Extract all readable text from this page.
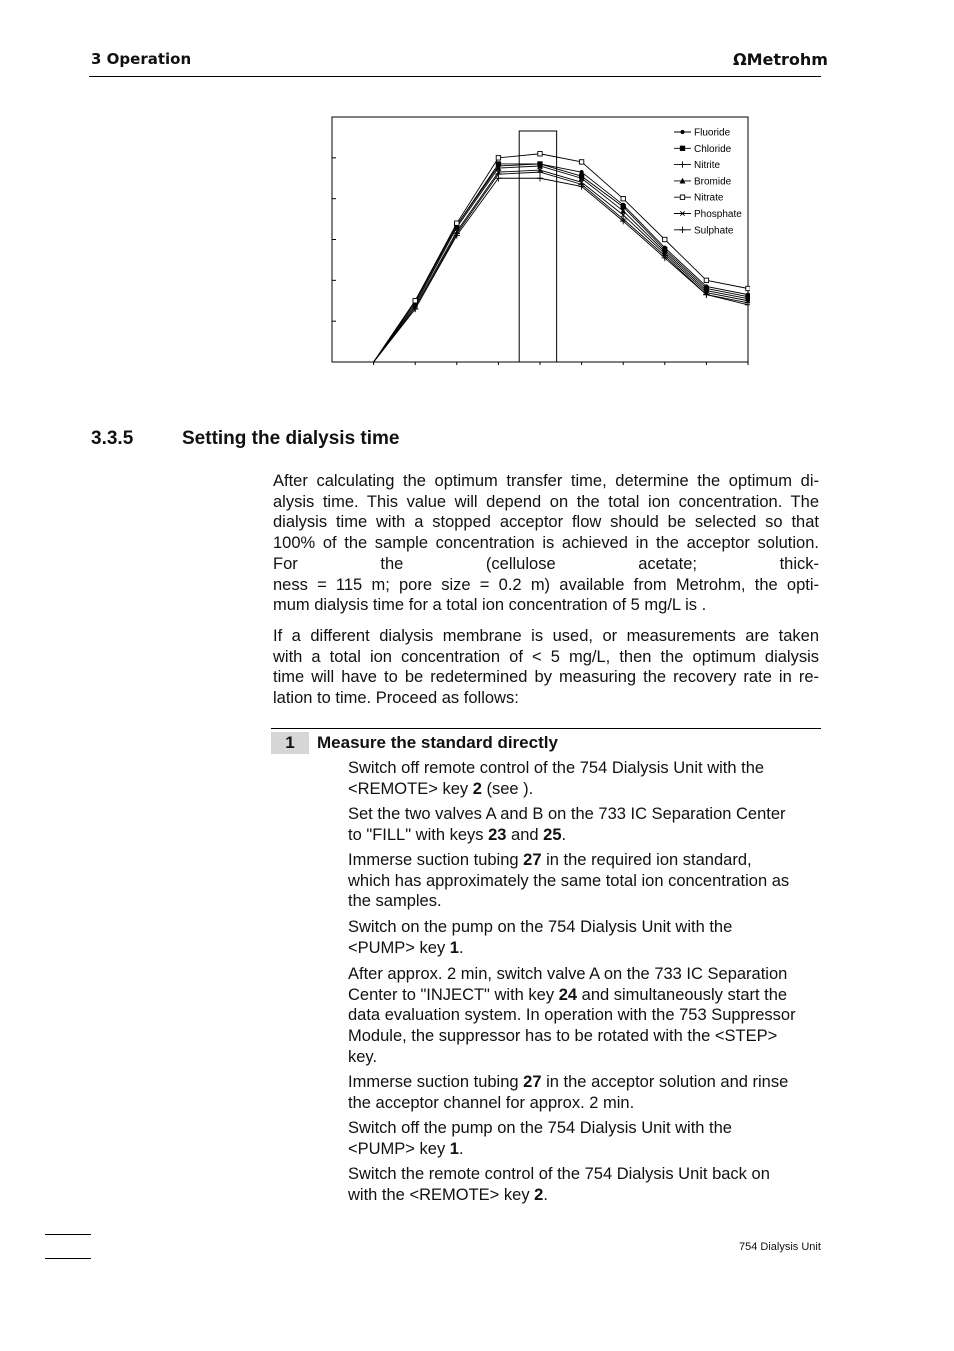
3 Operation	ΩMetrohm
Fluoride
Chloride
Nitrite
Bromide
Nitrate
Phosphate
Sulphate
3.3.5	Setting the dialysis time
After calculating the optimum transfer time, determine the optimum di-
alysis time. This value will depend on the total ion concentration. The
dialysis time with a stopped acceptor flow should be selected so that
100% of the sample concentration is achieved in the acceptor solution.
For the (cellulose acetate; thick-
ness = 115 m; pore size = 0.2 m) available from Metrohm, the opti-
mum dialysis time for a total ion concentration of 5 mg/L is .
If a different dialysis membrane is used, or measurements are taken
with a total ion concentration of < 5 mg/L, then the optimum dialysis
time will have to be redetermined by measuring the recovery rate in re-
lation to time. Proceed as follows:
1	Measure the standard directly
Switch off remote control of the 754 Dialysis Unit with the
<REMOTE> key 2 (see ).
Set the two valves A and B on the 733 IC Separation Center
to "FILL" with keys 23 and 25.
Immerse suction tubing 27 in the required ion standard,
which has approximately the same total ion concentration as
the samples.
Switch on the pump on the 754 Dialysis Unit with the
<PUMP> key 1.
After approx. 2 min, switch valve A on the 733 IC Separation
Center to "INJECT" with key 24 and simultaneously start the
data evaluation system. In operation with the 753 Suppressor
Module, the suppressor has to be rotated with the <STEP>
key.
Immerse suction tubing 27 in the acceptor solution and rinse
the acceptor channel for approx. 2 min.
Switch off the pump on the 754 Dialysis Unit with the
<PUMP> key 1.
Switch the remote control of the 754 Dialysis Unit back on
with the <REMOTE> key 2.
754 Dialysis Unit
